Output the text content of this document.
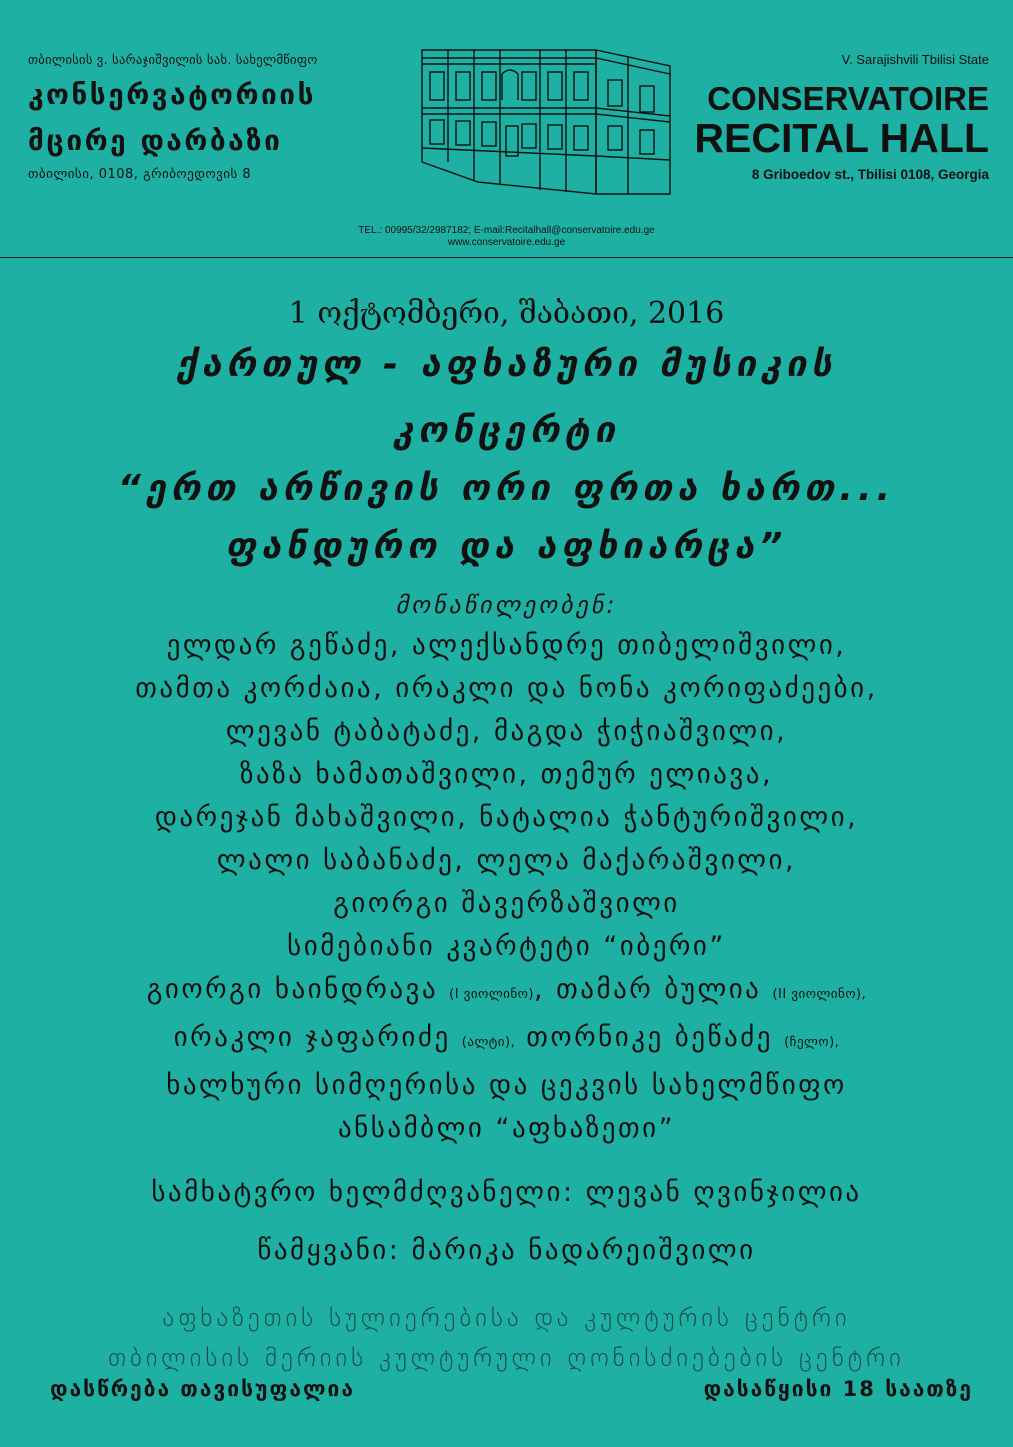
თბილისის ვ. სარაჯიშვილის სახ. სახელმწიფო
კონსერვატორიის
მცირე დარბაზი
თბილისი, 0108, გრიბოედოვის 8
V. Sarajishvili Tbilisi State
CONSERVATOIRE
RECITAL HALL
8 Griboedov st., Tbilisi 0108, Georgia
TEL.: 00995/32/2987182; E-mail:Recitalhall@conservatoire.edu.ge
www.conservatoire.edu.ge
1 ოქტომბერი, შაბათი, 2016
ქართულ - აფხაზური მუსიკის
კონცერტი
“ერთ არწივის ორი ფრთა ხართ...
ფანდურო და აფხიარცა”
მონაწილეობენ:
ელდარ გეწაძე, ალექსანდრე თიბელიშვილი,
თამთა კორძაია, ირაკლი და ნონა კორიფაძეები,
ლევან ტაბატაძე, მაგდა ჭიჭიაშვილი,
ზაზა ხამათაშვილი, თემურ ელიავა,
დარეჯან მახაშვილი, ნატალია ჭანტურიშვილი,
ლალი საბანაძე, ლელა მაქარაშვილი,
გიორგი შავერზაშვილი
სიმებიანი კვარტეტი “იბერი”
გიორგი ხაინდრავა (I ვიოლინო), თამარ ბულია (II ვიოლინო),
ირაკლი ჯაფარიძე (ალტი), თორნიკე ბეწაძე (ჩელო),
ხალხური სიმღერისა და ცეკვის სახელმწიფო
ანსამბლი “აფხაზეთი”
სამხატვრო ხელმძღვანელი: ლევან ღვინჯილია
წამყვანი: მარიკა ნადარეიშვილი
აფხაზეთის სულიერებისა და კულტურის ცენტრი
თბილისის მერიის კულტურული ღონისძიებების ცენტრი
დასწრება თავისუფალია	დასაწყისი 18 საათზე
